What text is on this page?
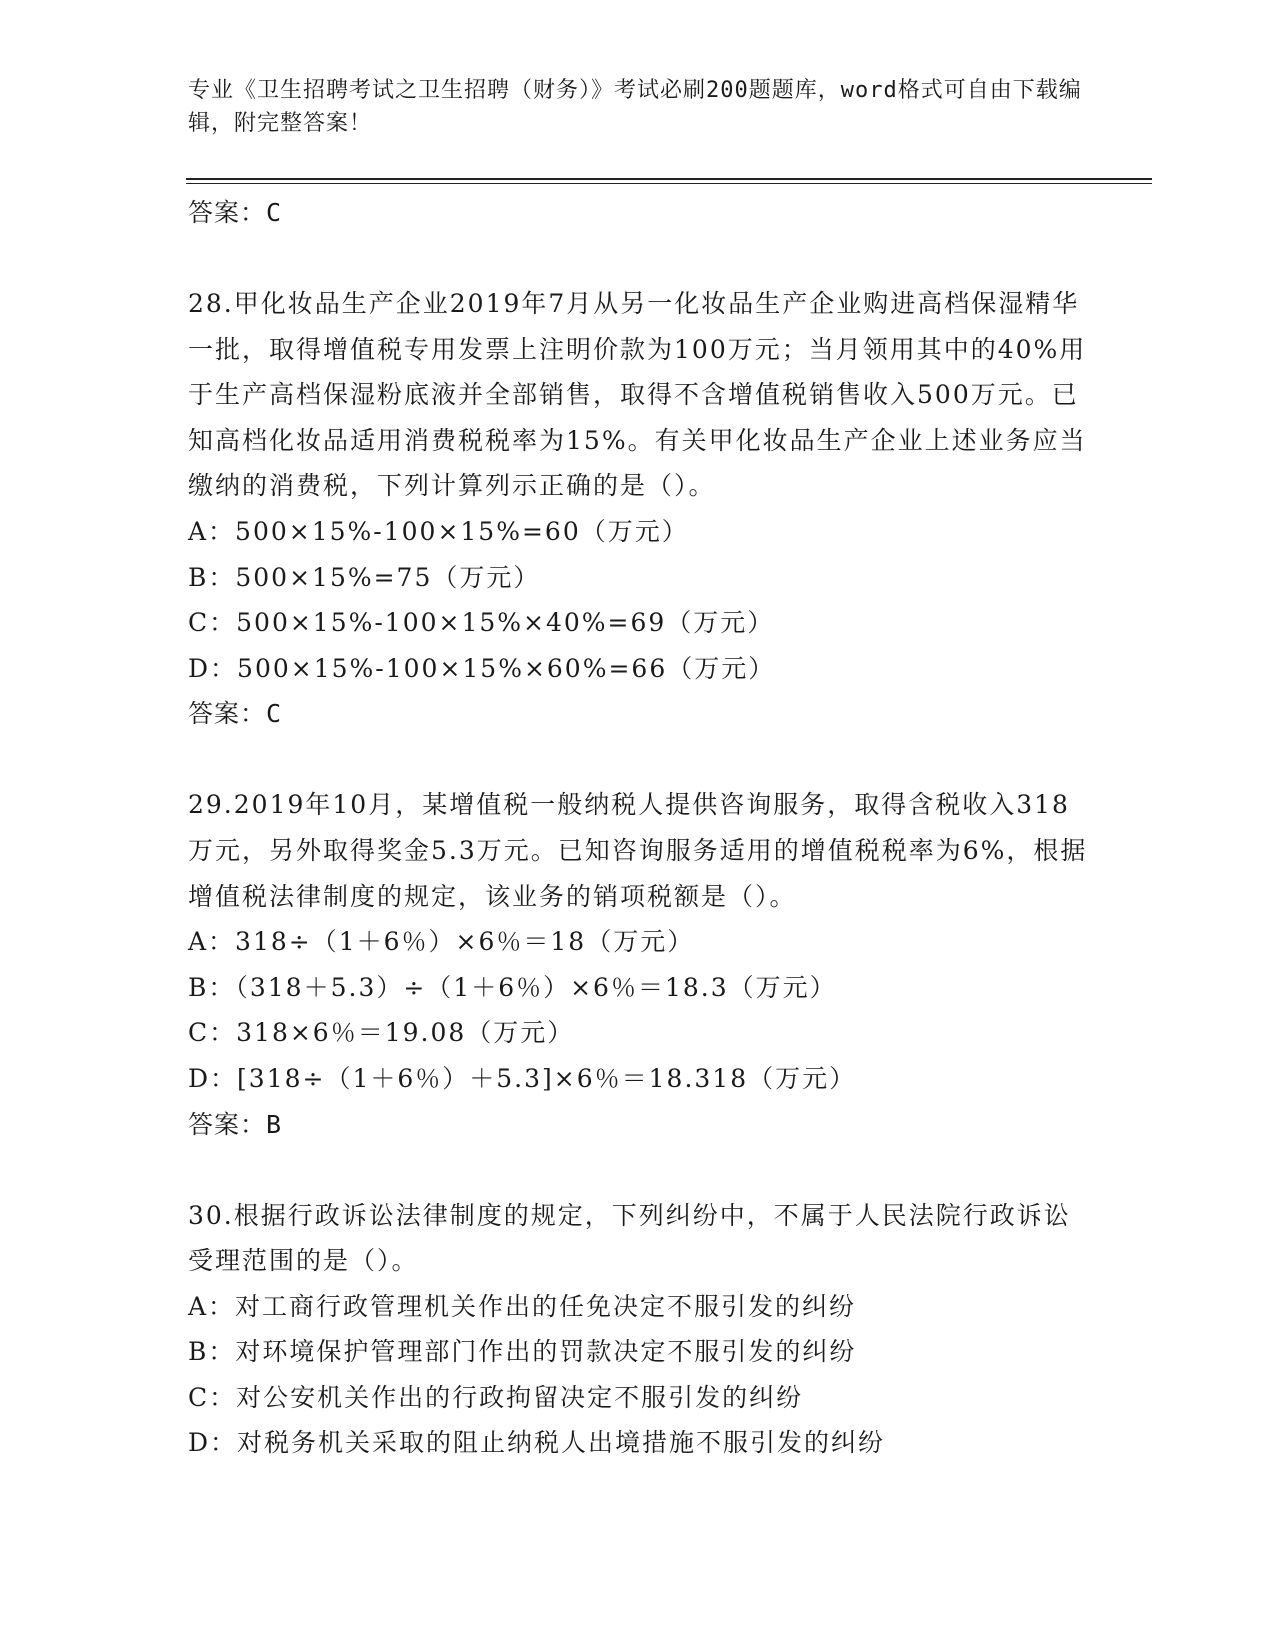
专业《卫生招聘考试之卫生招聘（财务）》考试必刷200题题库，word格式可自由下载编辑，附完整答案！
答案：C
28.甲化妆品生产企业2019年7月从另一化妆品生产企业购进高档保湿精华一批，取得增值税专用发票上注明价款为100万元；当月领用其中的40%用于生产高档保湿粉底液并全部销售，取得不含增值税销售收入500万元。已知高档化妆品适用消费税税率为15%。有关甲化妆品生产企业上述业务应当缴纳的消费税，下列计算列示正确的是（）。
A：500×15%-100×15%=60（万元）
B：500×15%=75（万元）
C：500×15%-100×15%×40%=69（万元）
D：500×15%-100×15%×60%=66（万元）
答案：C
29.2019年10月，某增值税一般纳税人提供咨询服务，取得含税收入318万元，另外取得奖金5.3万元。已知咨询服务适用的增值税税率为6%，根据增值税法律制度的规定，该业务的销项税额是（）。
A：318÷（1＋6％）×6％＝18（万元）
B：（318＋5.3）÷（1＋6％）×6％＝18.3（万元）
C：318×6％＝19.08（万元）
D：[318÷（1＋6％）＋5.3]×6％＝18.318（万元）
答案：B
30.根据行政诉讼法律制度的规定，下列纠纷中，不属于人民法院行政诉讼受理范围的是（）。
A：对工商行政管理机关作出的任免决定不服引发的纠纷
B：对环境保护管理部门作出的罚款决定不服引发的纠纷
C：对公安机关作出的行政拘留决定不服引发的纠纷
D：对税务机关采取的阻止纳税人出境措施不服引发的纠纷
